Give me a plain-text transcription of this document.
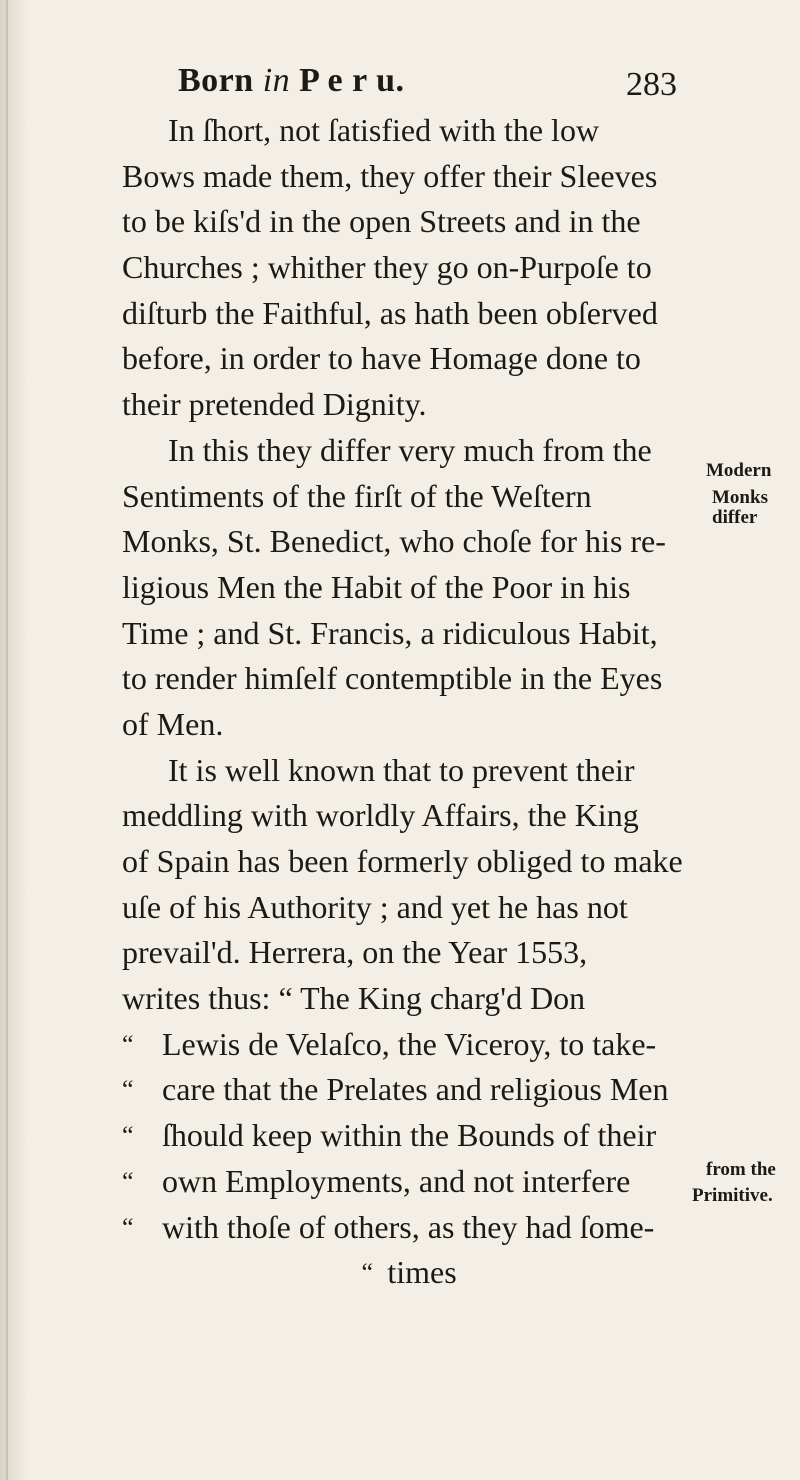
Born in P e r u.	283
In ſhort, not ſatisfied with the low
Bows made them, they offer their Sleeves
to be kiſs'd in the open Streets and in the
Churches ; whither they go on-Purpoſe to
diſturb the Faithful, as hath been obſerved
before, in order to have Homage done to
their pretended Dignity.
In this they differ very much from the
Sentiments of the firſt of the Weſtern
Monks, St. Benedict, who choſe for his re-
ligious Men the Habit of the Poor in his
Time ; and St. Francis, a ridiculous Habit,
to render himſelf contemptible in the Eyes
of Men.
It is well known that to prevent their
meddling with worldly Affairs, the King
of Spain has been formerly obliged to make
uſe of his Authority ; and yet he has not
prevail'd. Herrera, on the Year 1553,
writes thus: “ The King charg'd Don
“ Lewis de Velaſco, the Viceroy, to take-
“ care that the Prelates and religious Men
“ ſhould keep within the Bounds of their
“ own Employments, and not interfere
“ with thoſe of others, as they had ſome-
“ times
Modern
Monks
differ
from the
Primitive.
